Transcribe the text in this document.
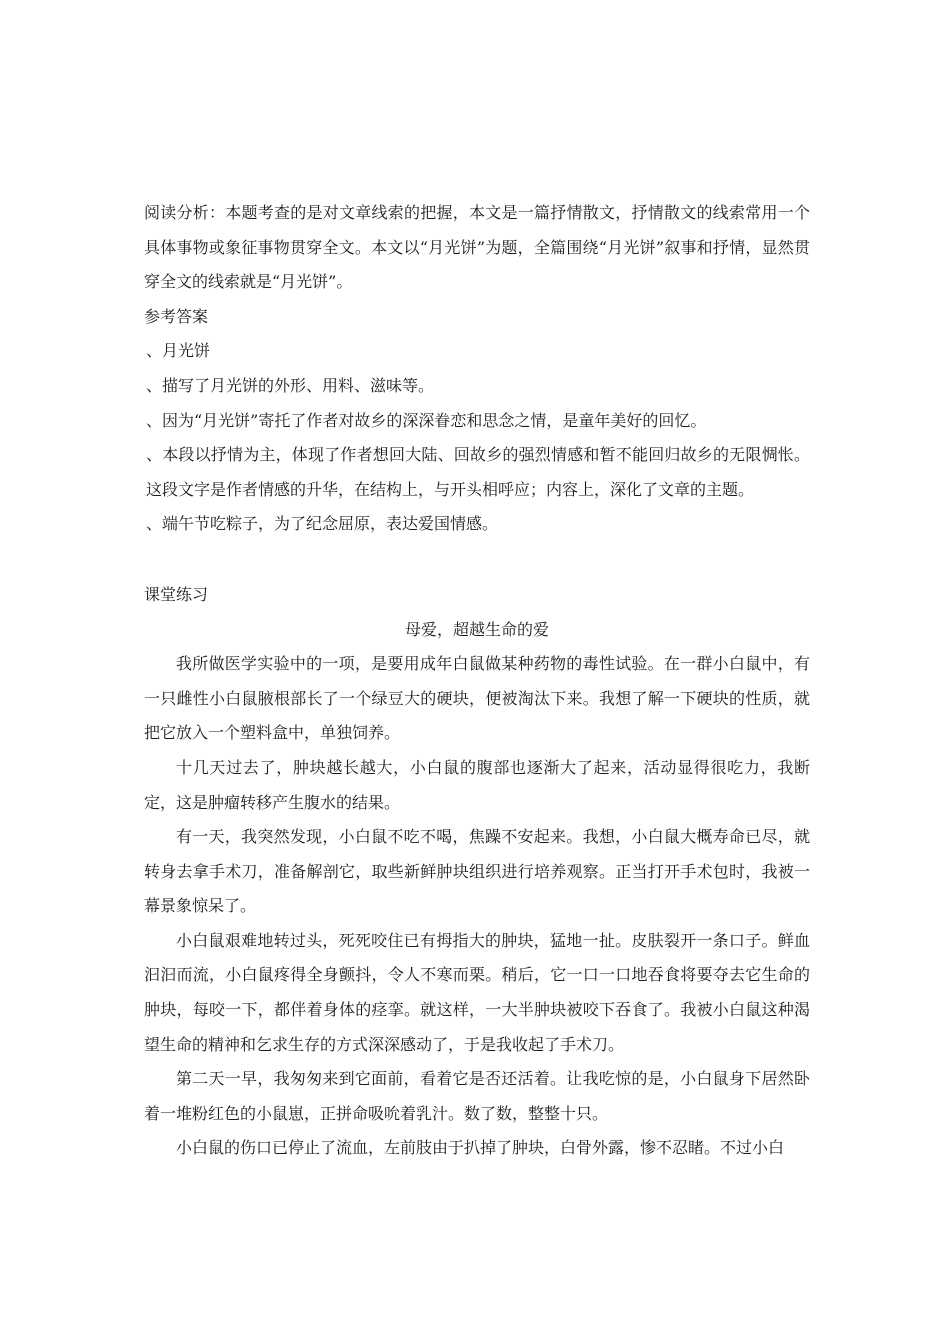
阅读分析：本题考查的是对文章线索的把握，本文是一篇抒情散文，抒情散文的线索常用一个具体事物或象征事物贯穿全文。本文以“月光饼”为题，全篇围绕“月光饼”叙事和抒情，显然贯穿全文的线索就是“月光饼”。

参考答案

、月光饼

、描写了月光饼的外形、用料、滋味等。

、因为“月光饼”寄托了作者对故乡的深深眷恋和思念之情，是童年美好的回忆。

、本段以抒情为主，体现了作者想回大陆、回故乡的强烈情感和暂不能回归故乡的无限惆怅。这段文字是作者情感的升华，在结构上，与开头相呼应；内容上，深化了文章的主题。

、端午节吃粽子，为了纪念屈原，表达爱国情感。

课堂练习

母爱，超越生命的爱

我所做医学实验中的一项，是要用成年白鼠做某种药物的毒性试验。在一群小白鼠中，有一只雌性小白鼠腋根部长了一个绿豆大的硬块，便被淘汰下来。我想了解一下硬块的性质，就把它放入一个塑料盒中，单独饲养。

十几天过去了，肿块越长越大，小白鼠的腹部也逐渐大了起来，活动显得很吃力，我断定，这是肿瘤转移产生腹水的结果。

有一天，我突然发现，小白鼠不吃不喝，焦躁不安起来。我想，小白鼠大概寿命已尽，就转身去拿手术刀，准备解剖它，取些新鲜肿块组织进行培养观察。正当打开手术包时，我被一幕景象惊呆了。

小白鼠艰难地转过头，死死咬住已有拇指大的肿块，猛地一扯。皮肤裂开一条口子。鲜血汩汩而流，小白鼠疼得全身颤抖，令人不寒而栗。稍后，它一口一口地吞食将要夺去它生命的肿块，每咬一下，都伴着身体的痉挛。就这样，一大半肿块被咬下吞食了。我被小白鼠这种渴望生命的精神和乞求生存的方式深深感动了，于是我收起了手术刀。

第二天一早，我匆匆来到它面前，看着它是否还活着。让我吃惊的是，小白鼠身下居然卧着一堆粉红色的小鼠崽，正拼命吸吮着乳汁。数了数，整整十只。

小白鼠的伤口已停止了流血，左前肢由于扒掉了肿块，白骨外露，惨不忍睹。不过小白
